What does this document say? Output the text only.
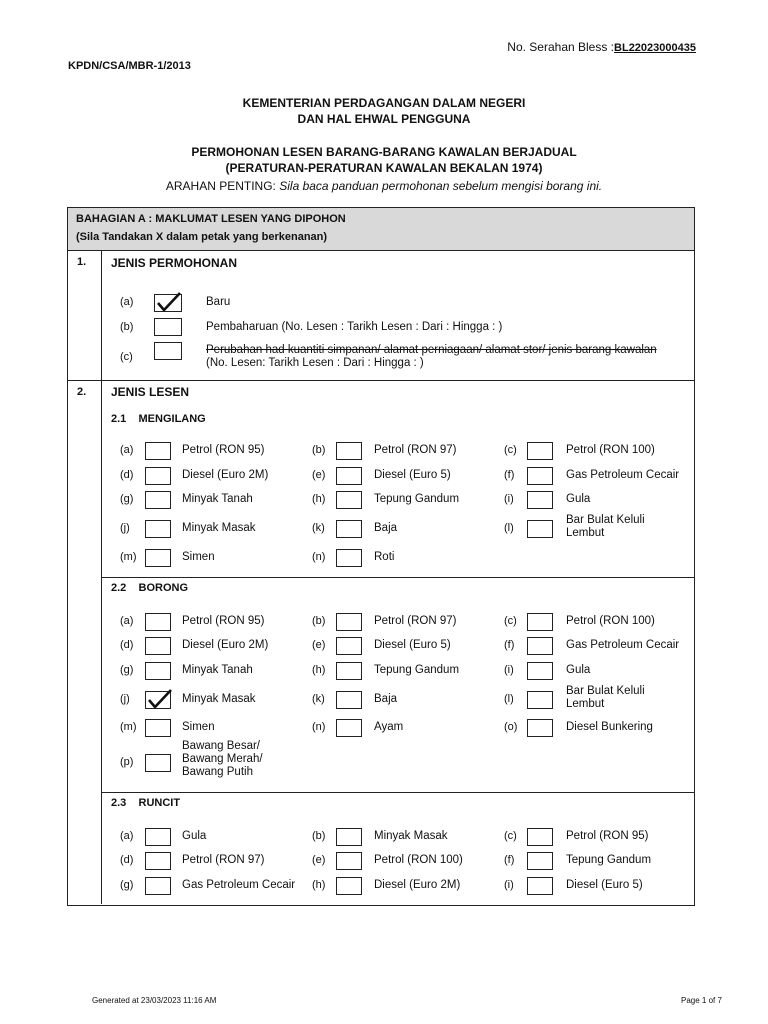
No. Serahan Bless :BL22023000435
KPDN/CSA/MBR-1/2013
KEMENTERIAN PERDAGANGAN DALAM NEGERI
DAN HAL EHWAL PENGGUNA
PERMOHONAN LESEN BARANG-BARANG KAWALAN BERJADUAL
(PERATURAN-PERATURAN KAWALAN BEKALAN 1974)
ARAHAN PENTING: Sila baca panduan permohonan sebelum mengisi borang ini.
BAHAGIAN A : MAKLUMAT LESEN YANG DIPOHON
(Sila Tandakan X dalam petak yang berkenanan)
1. JENIS PERMOHONAN
(a)	Baru
(b)	Pembaharuan (No. Lesen : Tarikh Lesen : Dari : Hingga : )
(c)
Perubahan had kuantiti simpanan/ alamat perniagaan/ alamat stor/ jenis barang kawalan
(No. Lesen: Tarikh Lesen : Dari : Hingga : )
2. JENIS LESEN
2.1    MENGILANG
(a)	Petrol (RON 95)	(b)	Petrol (RON 97)	(c)	Petrol (RON 100)
(d)	Diesel (Euro 2M)	(e)	Diesel (Euro 5)	(f)	Gas Petroleum Cecair
(g)	Minyak Tanah	(h)	Tepung Gandum	(i)	Gula
(j)	Minyak Masak	(k)	Baja	(l)
Bar Bulat Keluli Lembut
(m)	Simen	(n)	Roti
2.2    BORONG
(a)	Petrol (RON 95)	(b)	Petrol (RON 97)	(c)	Petrol (RON 100)
(d)	Diesel (Euro 2M)	(e)	Diesel (Euro 5)	(f)	Gas Petroleum Cecair
(g)	Minyak Tanah	(h)	Tepung Gandum	(i)	Gula
(j)	Minyak Masak	(k)	Baja	(l)
Bar Bulat Keluli Lembut
(m)	Simen	(n)	Ayam	(o)	Diesel Bunkering
(p)
Bawang Besar/ Bawang Merah/ Bawang Putih
2.3    RUNCIT
(a)	Gula	(b)	Minyak Masak	(c)	Petrol (RON 95)
(d)	Petrol (RON 97)	(e)	Petrol (RON 100)	(f)	Tepung Gandum
(g)	Gas Petroleum Cecair (h)	Diesel (Euro 2M)	(i)	Diesel (Euro 5)
Generated at 23/03/2023 11:16 AM	Page 1 of 7
